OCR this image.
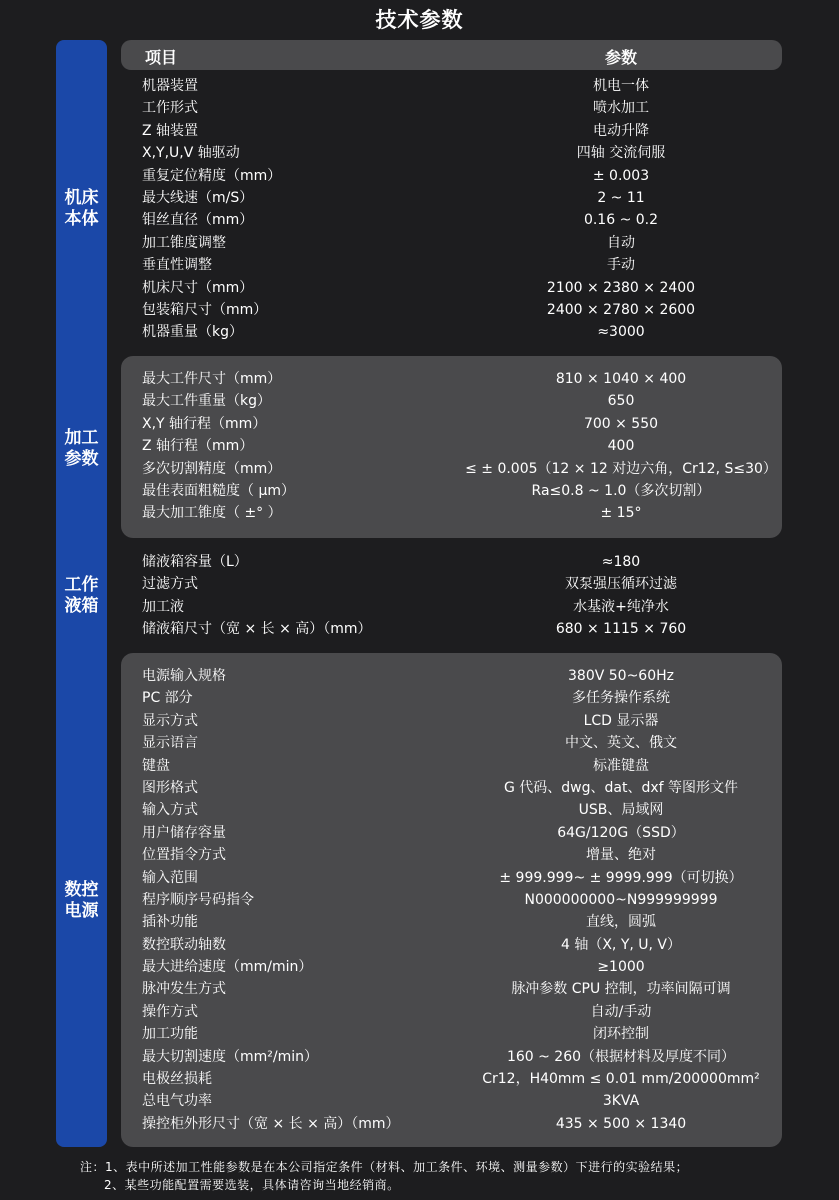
技术参数
机床
本体
加工
参数
工作
液箱
数控
电源
项目	参数
机器装置	机电一体
工作形式	喷水加工
Z 轴装置	电动升降
X,Y,U,V 轴驱动	四轴 交流伺服
重复定位精度（mm）	± 0.003
最大线速（m/S）	2 ~ 11
钼丝直径（mm）	0.16 ~ 0.2
加工锥度调整	自动
垂直性调整	手动
机床尺寸（mm）	2100 × 2380 × 2400
包装箱尺寸（mm）	2400 × 2780 × 2600
机器重量（kg）	≈3000
最大工件尺寸（mm）	810 × 1040 × 400
最大工件重量（kg）	650
X,Y 轴行程（mm）	700 × 550
Z 轴行程（mm）	400
多次切割精度（mm）	≤ ± 0.005（12 × 12 对边六角，Cr12, S≤30）
最佳表面粗糙度（ μm）	Ra≤0.8 ~ 1.0（多次切割）
最大加工锥度（ ±° ）	± 15°
储液箱容量（L）	≈180
过滤方式	双泵强压循环过滤
加工液	水基液+纯净水
储液箱尺寸（宽 × 长 × 高）（mm）	680 × 1115 × 760
电源输入规格	380V 50~60Hz
PC 部分	多任务操作系统
显示方式	LCD 显示器
显示语言	中文、英文、俄文
键盘	标准键盘
图形格式	G 代码、dwg、dat、dxf 等图形文件
输入方式	USB、局域网
用户储存容量	64G/120G（SSD）
位置指令方式	增量、绝对
输入范围	± 999.999~ ± 9999.999（可切换）
程序顺序号码指令	N000000000~N999999999
插补功能	直线，圆弧
数控联动轴数	4 轴（X, Y, U, V）
最大进给速度（mm/min）	≥1000
脉冲发生方式	脉冲参数 CPU 控制，功率间隔可调
操作方式	自动/手动
加工功能	闭环控制
最大切割速度（mm²/min）	160 ~ 260（根据材料及厚度不同）
电极丝损耗	Cr12，H40mm ≤ 0.01 mm/200000mm²
总电气功率	3KVA
操控柜外形尺寸（宽 × 长 × 高）（mm）	435 × 500 × 1340
注：1、表中所述加工性能参数是在本公司指定条件（材料、加工条件、环境、测量参数）下进行的实验结果；
2、某些功能配置需要选装，具体请咨询当地经销商。
